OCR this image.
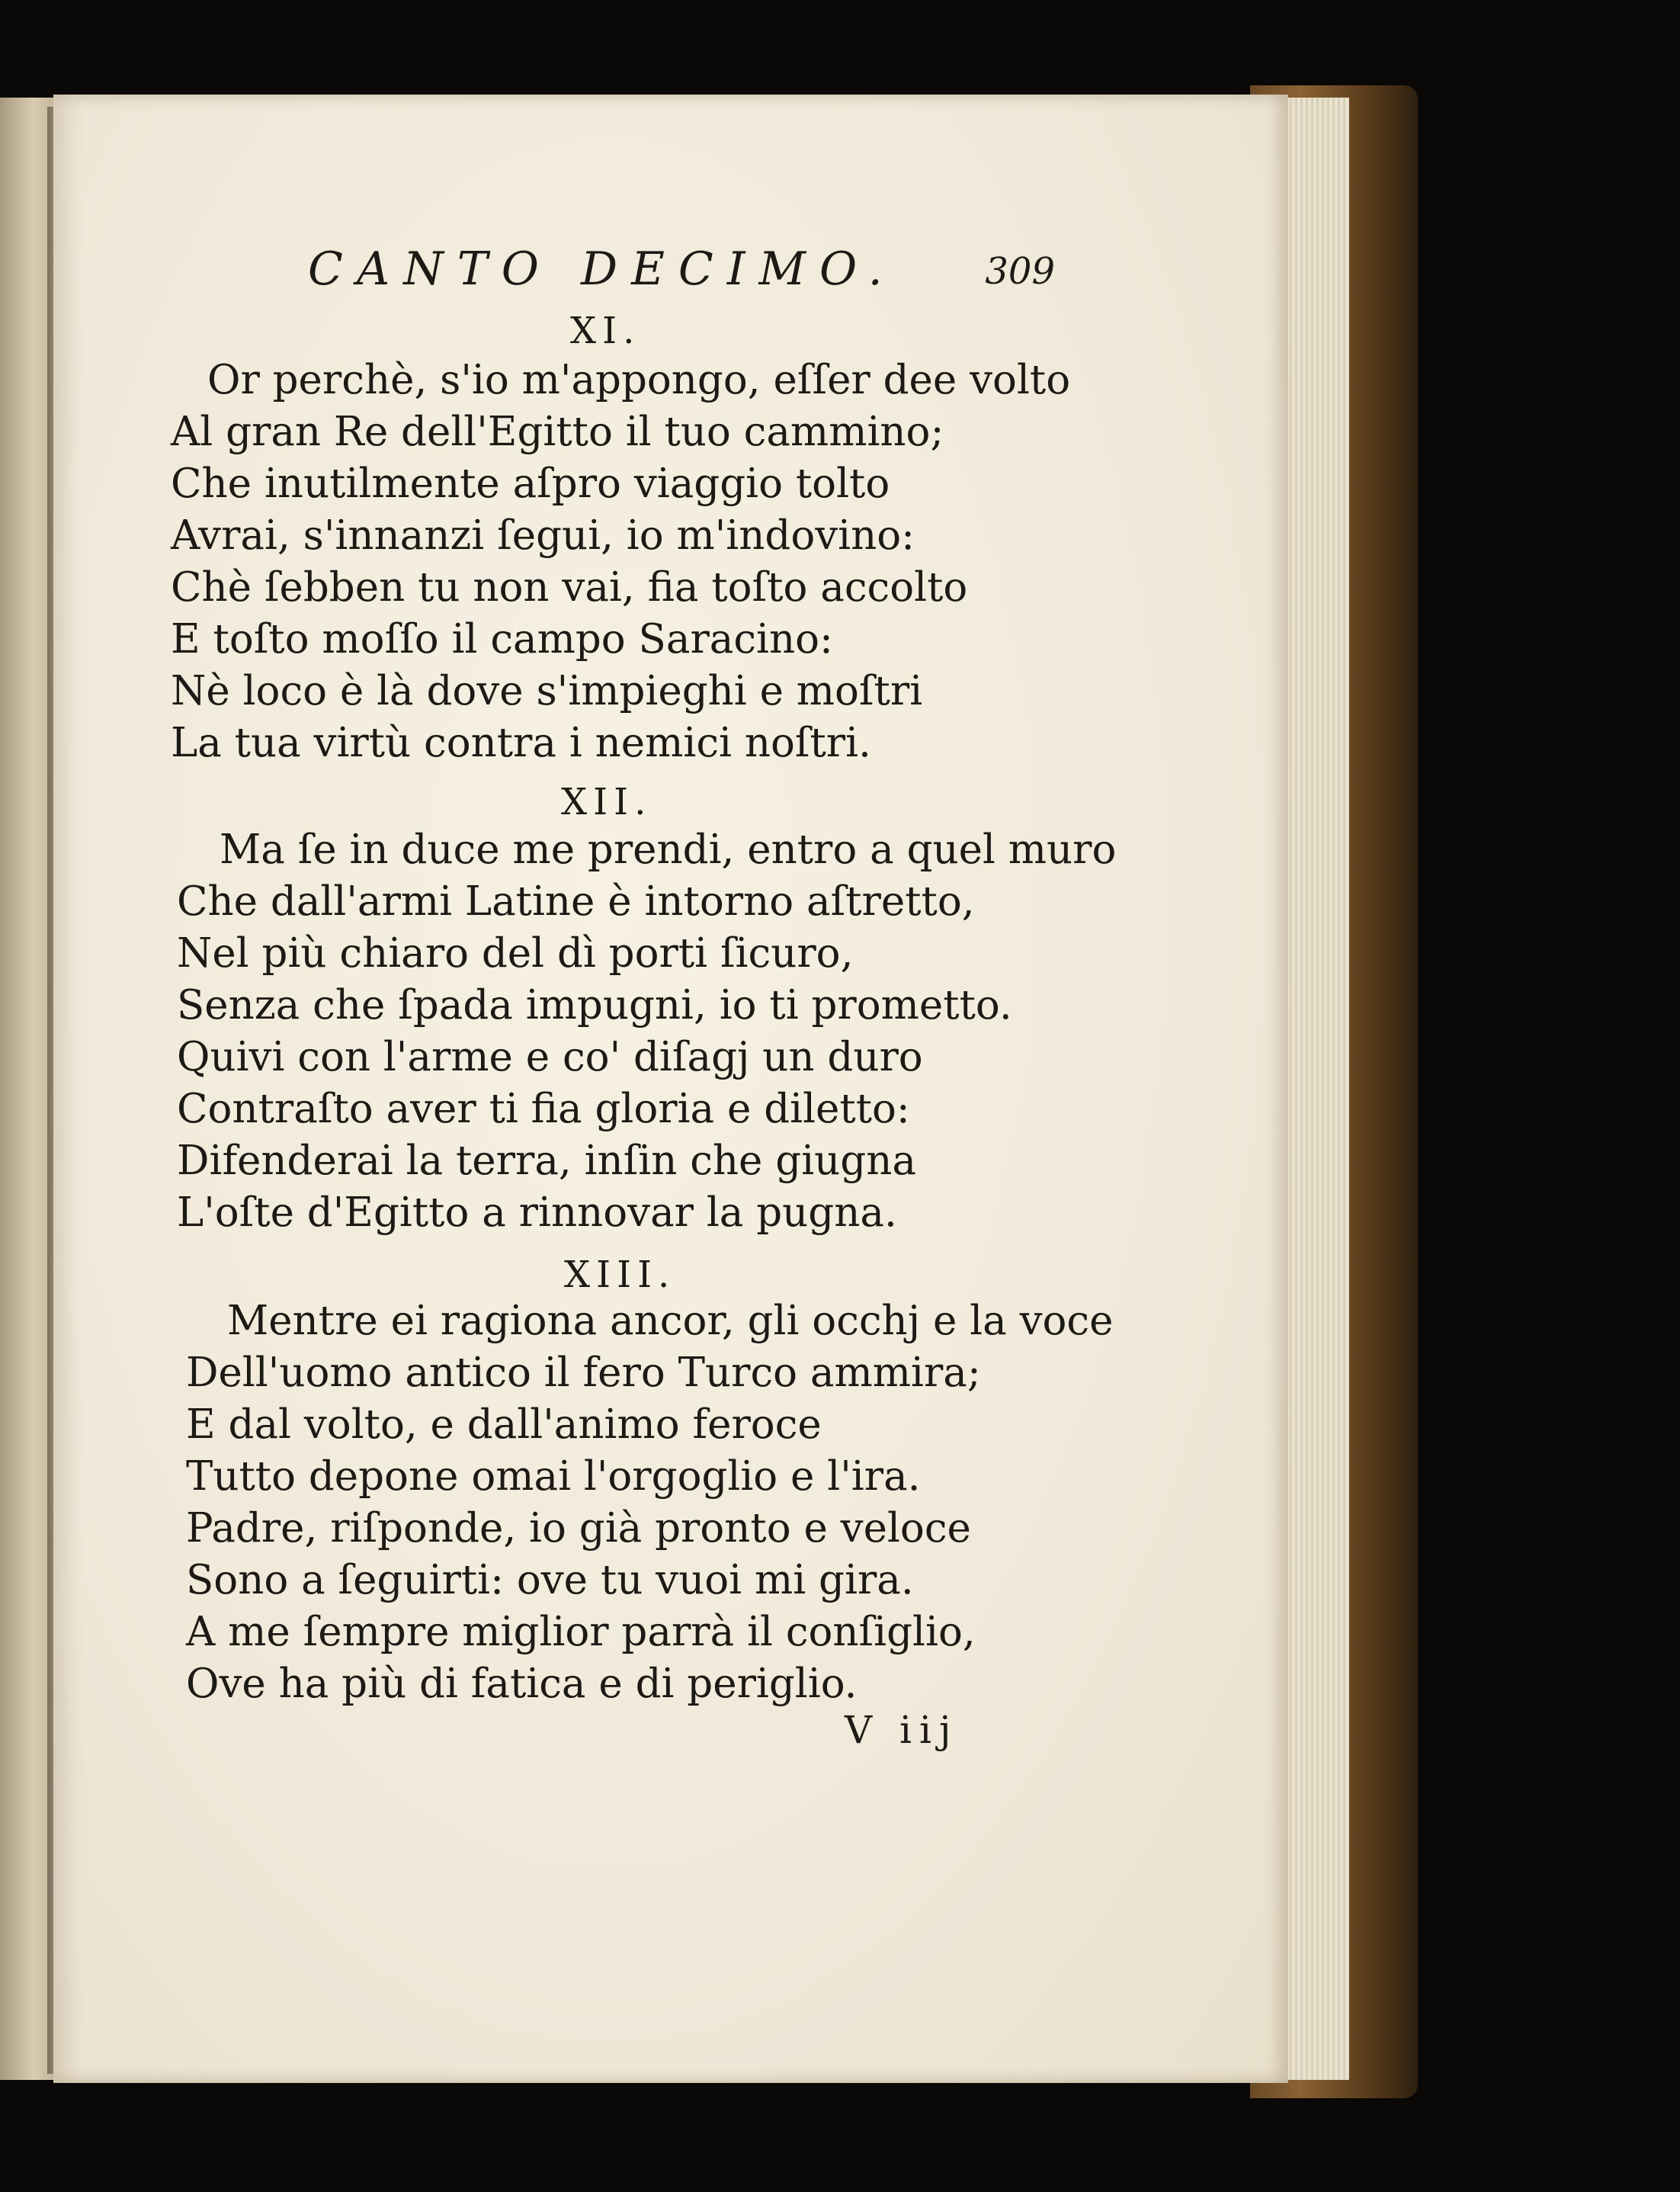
CANTO DECIMO. 309
XI.
Or perchè, s'io m'appongo, eſſer dee volto
Al gran Re dell'Egitto il tuo cammino;
Che inutilmente aſpro viaggio tolto
Avrai, s'innanzi ſegui, io m'indovino:
Chè ſebben tu non vai, fia toſto accolto
E toſto moſſo il campo Saracino:
Nè loco è là dove s'impieghi e moſtri
La tua virtù contra i nemici noſtri.
XII.
Ma ſe in duce me prendi, entro a quel muro
Che dall'armi Latine è intorno aſtretto,
Nel più chiaro del dì porti ſicuro,
Senza che ſpada impugni, io ti prometto.
Quivi con l'arme e co' diſagj un duro
Contraſto aver ti fia gloria e diletto:
Difenderai la terra, inſin che giugna
L'oſte d'Egitto a rinnovar la pugna.
XIII.
Mentre ei ragiona ancor, gli occhj e la voce
Dell'uomo antico il fero Turco ammira;
E dal volto, e dall'animo feroce
Tutto depone omai l'orgoglio e l'ira.
Padre, riſponde, io già pronto e veloce
Sono a ſeguirti: ove tu vuoi mi gira.
A me ſempre miglior parrà il conſiglio,
Ove ha più di fatica e di periglio.
V iij
